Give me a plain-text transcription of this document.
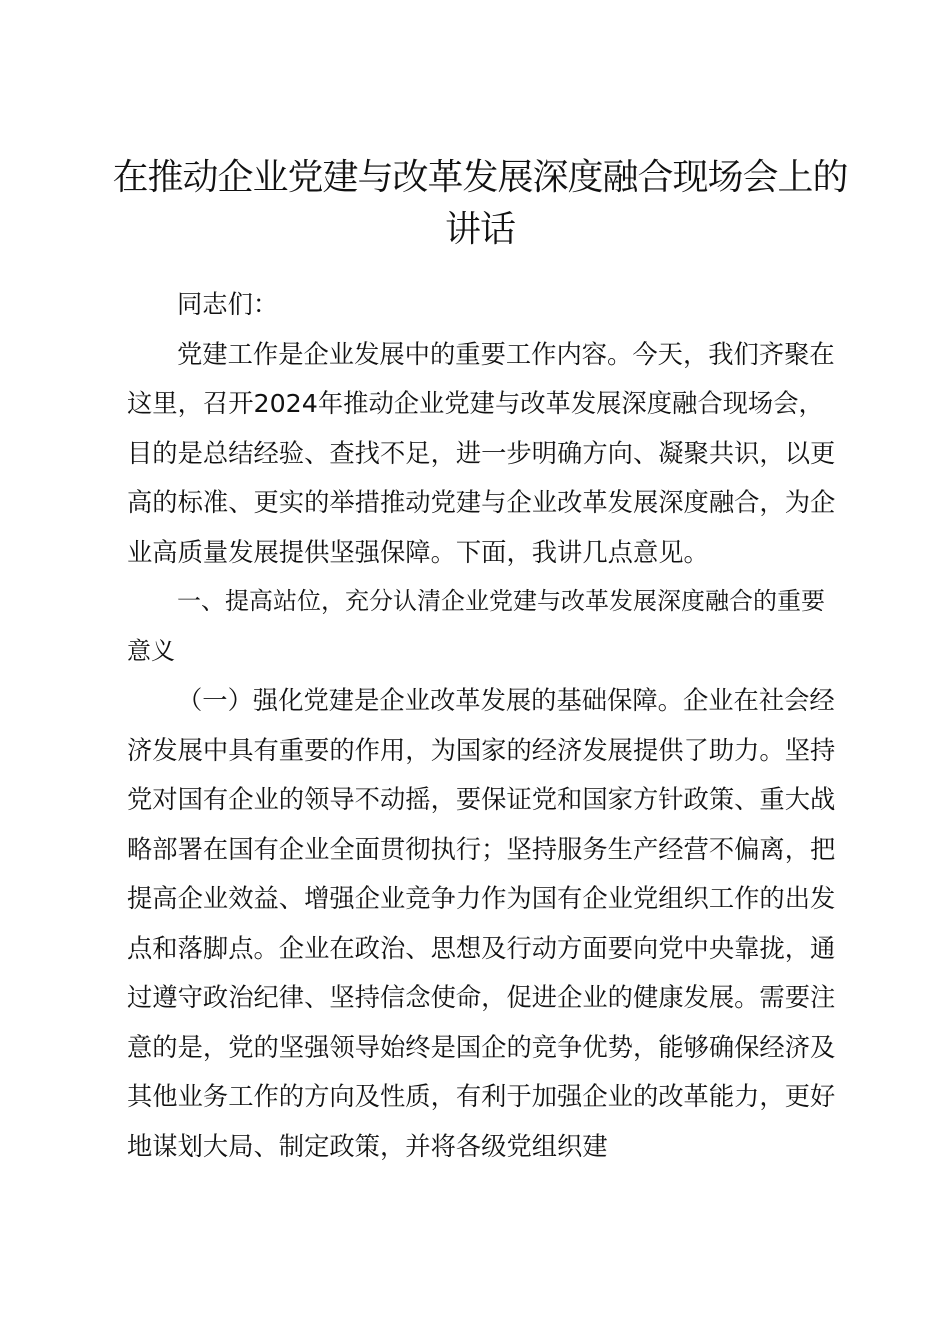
在推动企业党建与改革发展深度融合现场会上的讲话

同志们：

党建工作是企业发展中的重要工作内容。今天，我们齐聚在这里，召开2024年推动企业党建与改革发展深度融合现场会，目的是总结经验、查找不足，进一步明确方向、凝聚共识，以更高的标准、更实的举措推动党建与企业改革发展深度融合，为企业高质量发展提供坚强保障。下面，我讲几点意见。

一、提高站位，充分认清企业党建与改革发展深度融合的重要意义

（一）强化党建是企业改革发展的基础保障。企业在社会经济发展中具有重要的作用，为国家的经济发展提供了助力。坚持党对国有企业的领导不动摇，要保证党和国家方针政策、重大战略部署在国有企业全面贯彻执行；坚持服务生产经营不偏离，把提高企业效益、增强企业竞争力作为国有企业党组织工作的出发点和落脚点。企业在政治、思想及行动方面要向党中央靠拢，通过遵守政治纪律、坚持信念使命，促进企业的健康发展。需要注意的是，党的坚强领导始终是国企的竞争优势，能够确保经济及其他业务工作的方向及性质，有利于加强企业的改革能力，更好地谋划大局、制定政策，并将各级党组织建
